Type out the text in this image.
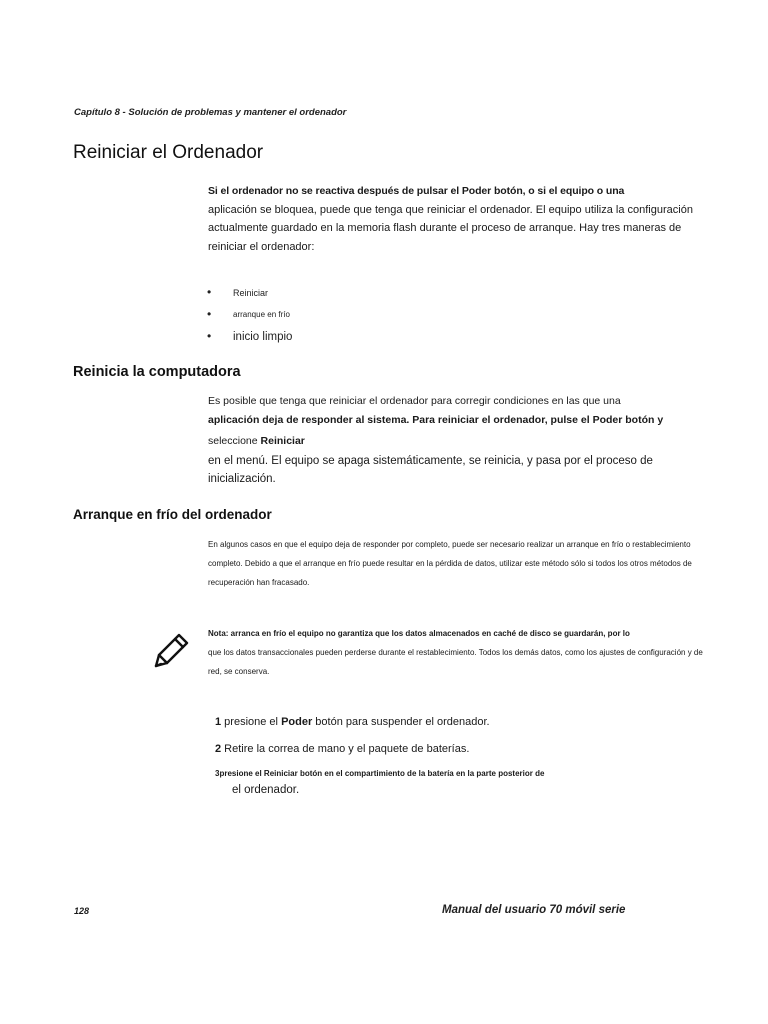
Capítulo 8 - Solución de problemas y mantener el ordenador
Reiniciar el Ordenador
Si el ordenador no se reactiva después de pulsar el Poder botón, o si el equipo o una
aplicación se bloquea, puede que tenga que reiniciar el ordenador. El equipo utiliza la configuración actualmente guardado en la memoria flash durante el proceso de arranque. Hay tres maneras de reiniciar el ordenador:
• Reiniciar
• arranque en frío
• inicio limpio
Reinicia la computadora
Es posible que tenga que reiniciar el ordenador para corregir condiciones en las que una
aplicación deja de responder al sistema. Para reiniciar el ordenador, pulse el Poder botón y
seleccione Reiniciar
en el menú. El equipo se apaga sistemáticamente, se reinicia, y pasa por el proceso de inicialización.
Arranque en frío del ordenador
En algunos casos en que el equipo deja de responder por completo, puede ser necesario realizar un arranque en frío o restablecimiento completo. Debido a que el arranque en frío puede resultar en la pérdida de datos, utilizar este método sólo si todos los otros métodos de recuperación han fracasado.
Nota: arranca en frío el equipo no garantiza que los datos almacenados en caché de disco se guardarán, por lo
que los datos transaccionales pueden perderse durante el restablecimiento. Todos los demás datos, como los ajustes de configuración y de red, se conserva.
1 presione el Poder botón para suspender el ordenador.
2 Retire la correa de mano y el paquete de baterías.
3presione el Reiniciar botón en el compartimiento de la batería en la parte posterior de
el ordenador.
128	Manual del usuario 70 móvil serie
